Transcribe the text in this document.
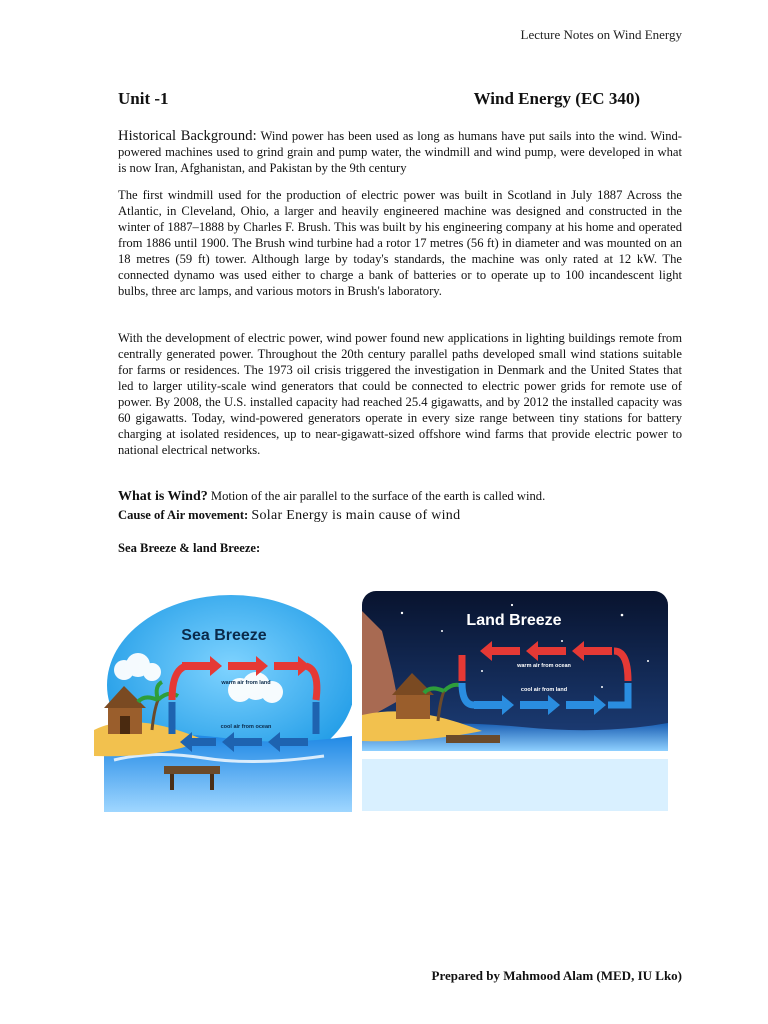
Lecture Notes on Wind Energy
Unit -1	Wind Energy (EC 340)

Historical Background: Wind power has been used as long as humans have put sails into the wind. Wind-powered machines used to grind grain and pump water, the windmill and wind pump, were developed in what is now Iran, Afghanistan, and Pakistan by the 9th century

The first windmill used for the production of electric power was built in Scotland in July 1887 Across the Atlantic, in Cleveland, Ohio, a larger and heavily engineered machine was designed and constructed in the winter of 1887–1888 by Charles F. Brush. This was built by his engineering company at his home and operated from 1886 until 1900. The Brush wind turbine had a rotor 17 metres (56 ft) in diameter and was mounted on an 18 metres (59 ft) tower. Although large by today's standards, the machine was only rated at 12 kW. The connected dynamo was used either to charge a bank of batteries or to operate up to 100 incandescent light bulbs, three arc lamps, and various motors in Brush's laboratory.

With the development of electric power, wind power found new applications in lighting buildings remote from centrally generated power. Throughout the 20th century parallel paths developed small wind stations suitable for farms or residences. The 1973 oil crisis triggered the investigation in Denmark and the United States that led to larger utility-scale wind generators that could be connected to electric power grids for remote use of power. By 2008, the U.S. installed capacity had reached 25.4 gigawatts, and by 2012 the installed capacity was 60 gigawatts. Today, wind-powered generators operate in every size range between tiny stations for battery charging at isolated residences, up to near-gigawatt-sized offshore wind farms that provide electric power to national electrical networks.

What is Wind? Motion of the air parallel to the surface of the earth is called wind.

Cause of Air movement: Solar Energy is main cause of wind

Sea Breeze & land Breeze:
Sea Breeze
warm air from land
cool air from ocean
Land Breeze
warm air from ocean
cool air from land
Prepared by Mahmood Alam (MED, IU Lko)
